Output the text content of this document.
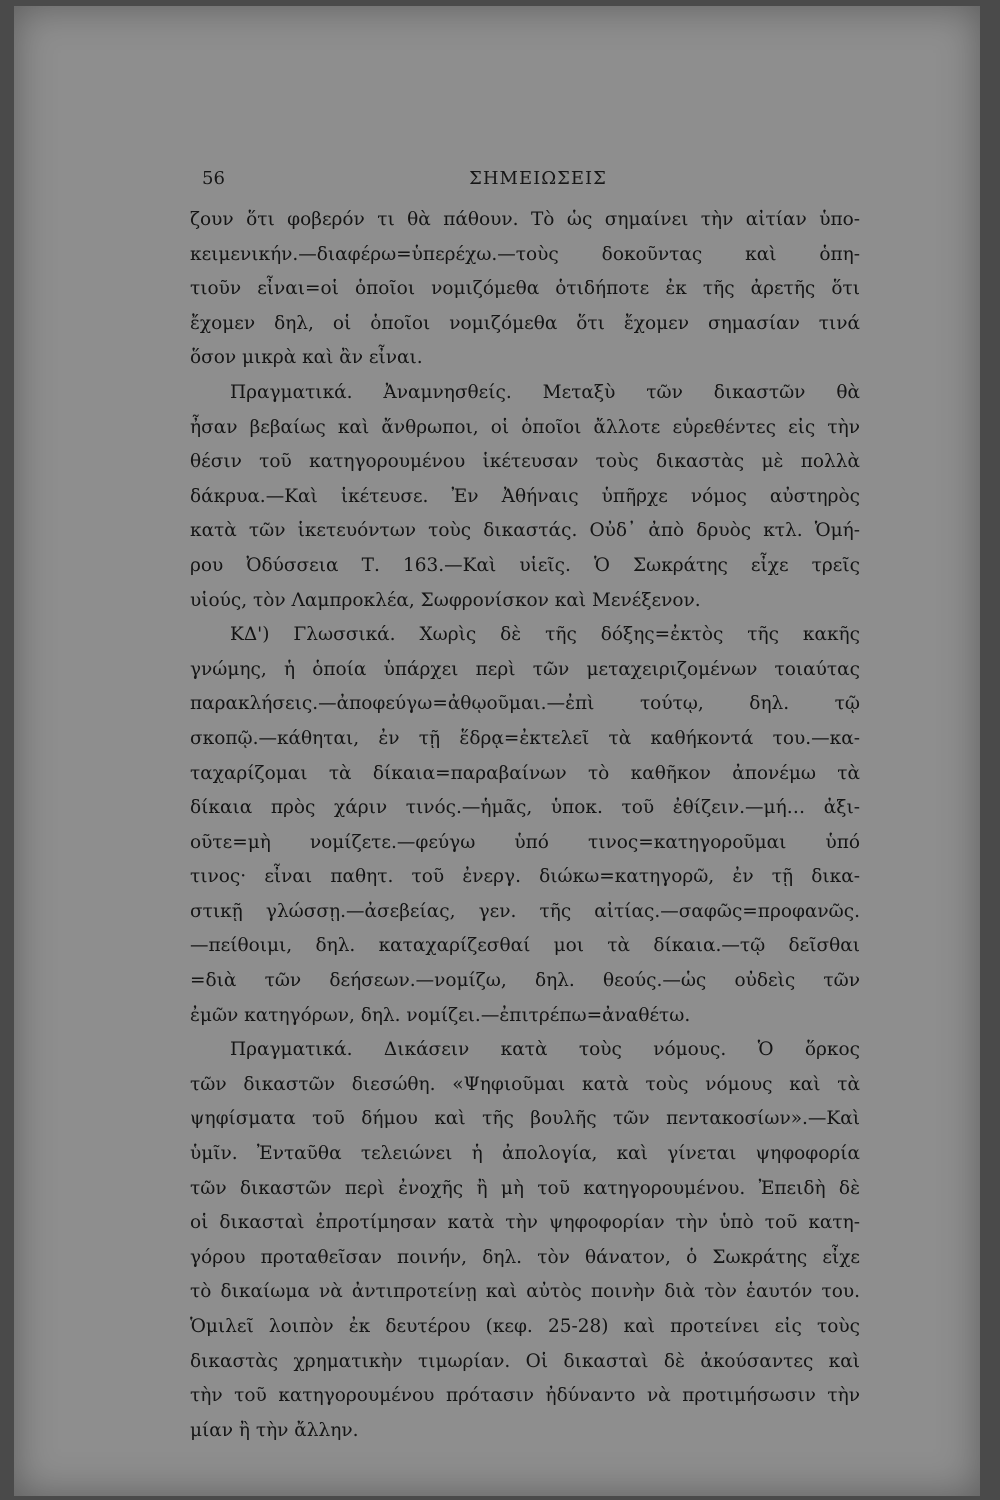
56	ΣΗΜΕΙΩΣΕΙΣ
ζουν ὅτι φοβερόν τι θὰ πάθουν. Τὸ ὡς σημαίνει τὴν αἰτίαν ὑπο-
κειμενικήν.—διαφέρω=ὑπερέχω.—τοὺς δοκοῦντας καὶ ὁπη-
τιοῦν εἶναι=οἱ ὁποῖοι νομιζόμεθα ὁτιδήποτε ἐκ τῆς ἀρετῆς ὅτι
ἔχομεν δηλ, οἱ ὁποῖοι νομιζόμεθα ὅτι ἔχομεν σημασίαν τινά
ὅσον μικρὰ καὶ ἂν εἶναι.
Πραγματικά. Ἀναμνησθείς. Μεταξὺ τῶν δικαστῶν θὰ
ἦσαν βεβαίως καὶ ἄνθρωποι, οἱ ὁποῖοι ἄλλοτε εὑρεθέντες εἰς τὴν
θέσιν τοῦ κατηγορουμένου ἱκέτευσαν τοὺς δικαστὰς μὲ πολλὰ
δάκρυα.—Καὶ ἱκέτευσε. Ἐν Ἀθήναις ὑπῆρχε νόμος αὐστηρὸς
κατὰ τῶν ἱκετευόντων τοὺς δικαστάς. Οὐδ᾽ ἀπὸ δρυὸς κτλ. Ὁμή-
ρου Ὀδύσσεια Τ. 163.—Καὶ υἱεῖς. Ὁ Σωκράτης εἶχε τρεῖς
υἱούς, τὸν Λαμπροκλέα, Σωφρονίσκον καὶ Μενέξενον.
ΚΔ') Γλωσσικά. Χωρὶς δὲ τῆς δόξης=ἐκτὸς τῆς κακῆς
γνώμης, ἡ ὁποία ὑπάρχει περὶ τῶν μεταχειριζομένων τοιαύτας
παρακλήσεις.—ἀποφεύγω=ἀθῳοῦμαι.—ἐπὶ τούτῳ, δηλ. τῷ
σκοπῷ.—κάθηται, ἐν τῇ ἕδρᾳ=ἐκτελεῖ τὰ καθήκοντά του.—κα-
ταχαρίζομαι τὰ δίκαια=παραβαίνων τὸ καθῆκον ἀπονέμω τὰ
δίκαια πρὸς χάριν τινός.—ἡμᾶς, ὑποκ. τοῦ ἐθίζειν.—μή… ἀξι-
οῦτε=μὴ νομίζετε.—φεύγω ὑπό τινος=κατηγοροῦμαι ὑπό
τινος· εἶναι παθητ. τοῦ ἐνεργ. διώκω=κατηγορῶ, ἐν τῇ δικα-
στικῇ γλώσσῃ.—ἀσεβείας, γεν. τῆς αἰτίας.—σαφῶς=προφανῶς.
—πείθοιμι, δηλ. καταχαρίζεσθαί μοι τὰ δίκαια.—τῷ δεῖσθαι
=διὰ τῶν δεήσεων.—νομίζω, δηλ. θεούς.—ὡς οὐδεὶς τῶν
ἐμῶν κατηγόρων, δηλ. νομίζει.—ἐπιτρέπω=ἀναθέτω.
Πραγματικά. Δικάσειν κατὰ τοὺς νόμους. Ὁ ὅρκος
τῶν δικαστῶν διεσώθη. «Ψηφιοῦμαι κατὰ τοὺς νόμους καὶ τὰ
ψηφίσματα τοῦ δήμου καὶ τῆς βουλῆς τῶν πεντακοσίων».—Καὶ
ὑμῖν. Ἐνταῦθα τελειώνει ἡ ἀπολογία, καὶ γίνεται ψηφοφορία
τῶν δικαστῶν περὶ ἐνοχῆς ἢ μὴ τοῦ κατηγορουμένου. Ἐπειδὴ δὲ
οἱ δικασταὶ ἐπροτίμησαν κατὰ τὴν ψηφοφορίαν τὴν ὑπὸ τοῦ κατη-
γόρου προταθεῖσαν ποινήν, δηλ. τὸν θάνατον, ὁ Σωκράτης εἶχε
τὸ δικαίωμα νὰ ἀντιπροτείνῃ καὶ αὐτὸς ποινὴν διὰ τὸν ἑαυτόν του.
Ὁμιλεῖ λοιπὸν ἐκ δευτέρου (κεφ. 25-28) καὶ προτείνει εἰς τοὺς
δικαστὰς χρηματικὴν τιμωρίαν. Οἱ δικασταὶ δὲ ἀκούσαντες καὶ
τὴν τοῦ κατηγορουμένου πρότασιν ἠδύναντο νὰ προτιμήσωσιν τὴν
μίαν ἢ τὴν ἄλλην.
